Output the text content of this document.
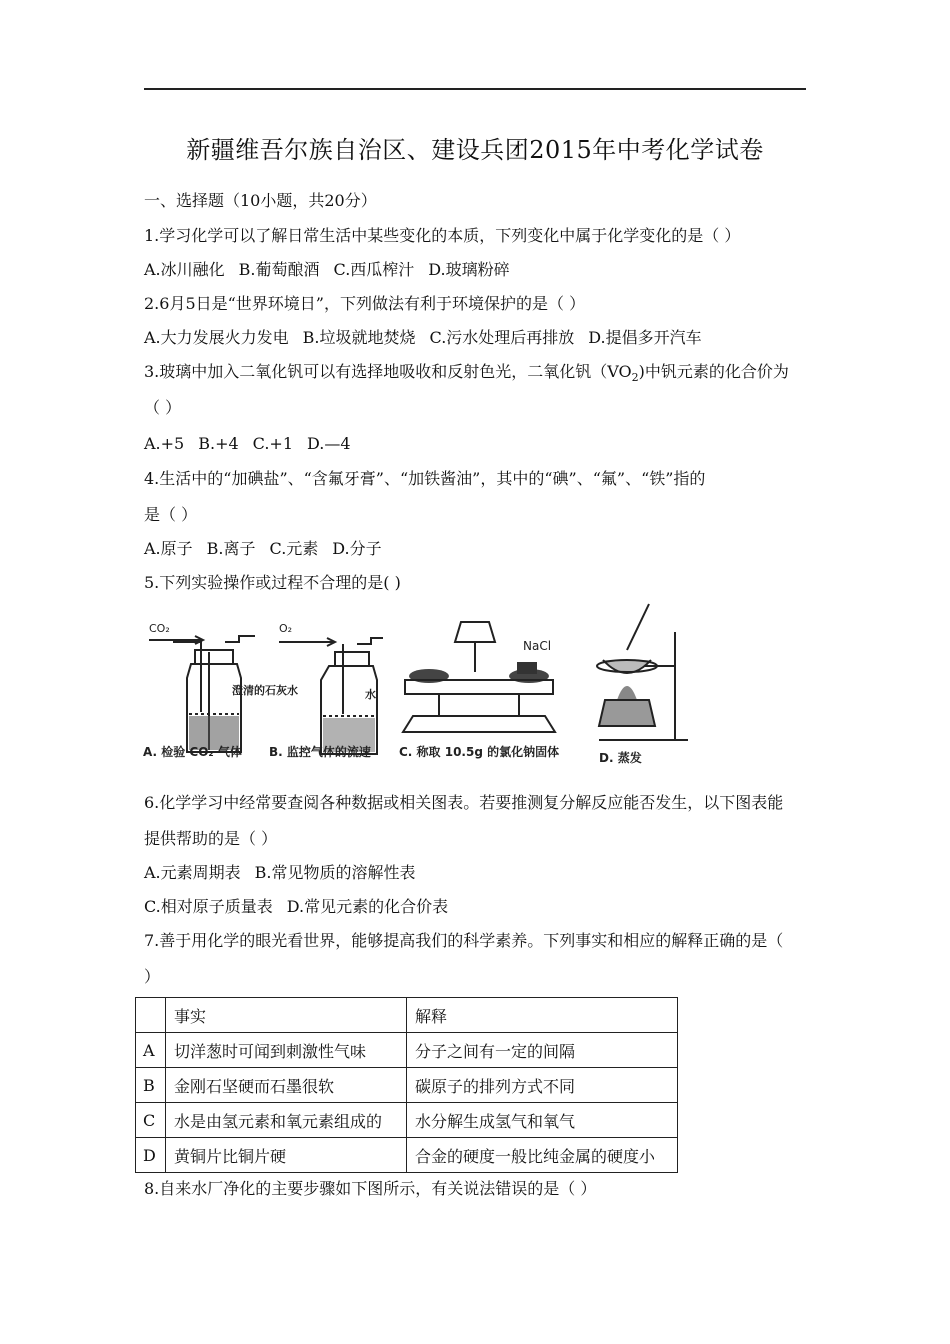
新疆维吾尔族自治区、建设兵团2015年中考化学试卷
一、选择题（10小题，共20分）
1.学习化学可以了解日常生活中某些变化的本质，下列变化中属于化学变化的是（ ）
A.冰川融化 B.葡萄酿酒 C.西瓜榨汁 D.玻璃粉碎
2.6月5日是“世界环境日”，下列做法有利于环境保护的是（ ）
A.大力发展火力发电 B.垃圾就地焚烧 C.污水处理后再排放 D.提倡多开汽车
3.玻璃中加入二氧化钒可以有选择地吸收和反射色光，二氧化钒$(VO_2)$中钒元素的化合价为
（ ）
A.+5 B.+4 C.+1 D.—4
4.生活中的“加碘盐”、“含氟牙膏”、“加铁酱油”，其中的“碘”、“氟”、“铁”指的
是（ ）
A.原子 B.离子 C.元素 D.分子
5.下列实验操作或过程不合理的是( )
CO₂
澄清的石灰水
A. 检验 CO₂ 气体
O₂
水
B. 监控气体的流速
NaCl
C. 称取 10.5g 的氯化钠固体	D. 蒸发
6.化学学习中经常要查阅各种数据或相关图表。若要推测复分解反应能否发生，以下图表能
提供帮助的是（ ）
A.元素周期表 B.常见物质的溶解性表
C.相对原子质量表 D.常见元素的化合价表
7.善于用化学的眼光看世界，能够提高我们的科学素养。下列事实和相应的解释正确的是（
）
	事实	解释
A	切洋葱时可闻到刺激性气味	分子之间有一定的间隔
B	金刚石坚硬而石墨很软	碳原子的排列方式不同
C	水是由氢元素和氧元素组成的	水分解生成氢气和氧气
D	黄铜片比铜片硬	合金的硬度一般比纯金属的硬度小
8.自来水厂净化的主要步骤如下图所示，有关说法错误的是（ ）
